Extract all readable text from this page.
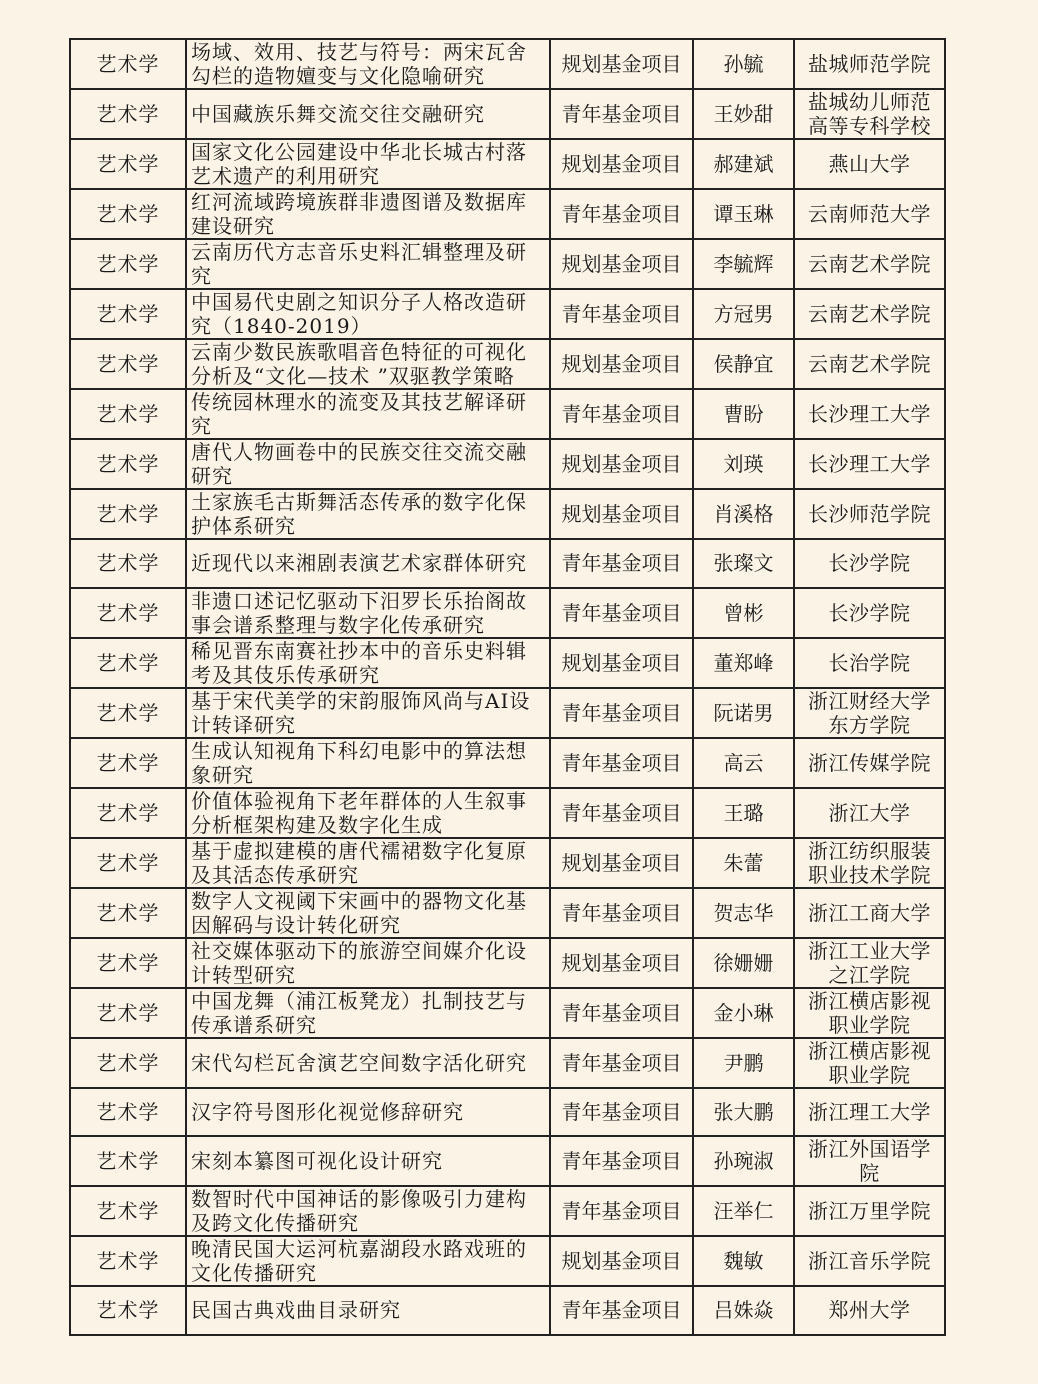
艺术学	场域、效用、技艺与符号：两宋瓦舍勾栏的造物嬗变与文化隐喻研究	规划基金项目	孙毓	盐城师范学院
艺术学	中国藏族乐舞交流交往交融研究	青年基金项目	王妙甜	盐城幼儿师范高等专科学校
艺术学	国家文化公园建设中华北长城古村落艺术遗产的利用研究	规划基金项目	郝建斌	燕山大学
艺术学	红河流域跨境族群非遗图谱及数据库建设研究	青年基金项目	谭玉琳	云南师范大学
艺术学	云南历代方志音乐史料汇辑整理及研究	规划基金项目	李毓辉	云南艺术学院
艺术学	中国易代史剧之知识分子人格改造研究（1840-2019）	青年基金项目	方冠男	云南艺术学院
艺术学	云南少数民族歌唱音色特征的可视化分析及“文化—技术 ”双驱教学策略	规划基金项目	侯静宜	云南艺术学院
艺术学	传统园林理水的流变及其技艺解译研究	青年基金项目	曹盼	长沙理工大学
艺术学	唐代人物画卷中的民族交往交流交融研究	规划基金项目	刘瑛	长沙理工大学
艺术学	土家族毛古斯舞活态传承的数字化保护体系研究	规划基金项目	肖溪格	长沙师范学院
艺术学	近现代以来湘剧表演艺术家群体研究	青年基金项目	张璨文	长沙学院
艺术学	非遗口述记忆驱动下汨罗长乐抬阁故事会谱系整理与数字化传承研究	青年基金项目	曾彬	长沙学院
艺术学	稀见晋东南赛社抄本中的音乐史料辑考及其伎乐传承研究	规划基金项目	董郑峰	长治学院
艺术学	基于宋代美学的宋韵服饰风尚与AI设计转译研究	青年基金项目	阮诺男	浙江财经大学东方学院
艺术学	生成认知视角下科幻电影中的算法想象研究	青年基金项目	高云	浙江传媒学院
艺术学	价值体验视角下老年群体的人生叙事分析框架构建及数字化生成	青年基金项目	王璐	浙江大学
艺术学	基于虚拟建模的唐代襦裙数字化复原及其活态传承研究	规划基金项目	朱蕾	浙江纺织服装职业技术学院
艺术学	数字人文视阈下宋画中的器物文化基因解码与设计转化研究	青年基金项目	贺志华	浙江工商大学
艺术学	社交媒体驱动下的旅游空间媒介化设计转型研究	规划基金项目	徐姗姗	浙江工业大学之江学院
艺术学	中国龙舞（浦江板凳龙）扎制技艺与传承谱系研究	青年基金项目	金小琳	浙江横店影视职业学院
艺术学	宋代勾栏瓦舍演艺空间数字活化研究	青年基金项目	尹鹏	浙江横店影视职业学院
艺术学	汉字符号图形化视觉修辞研究	青年基金项目	张大鹏	浙江理工大学
艺术学	宋刻本纂图可视化设计研究	青年基金项目	孙琬淑	浙江外国语学院
艺术学	数智时代中国神话的影像吸引力建构及跨文化传播研究	青年基金项目	汪举仁	浙江万里学院
艺术学	晚清民国大运河杭嘉湖段水路戏班的文化传播研究	规划基金项目	魏敏	浙江音乐学院
艺术学	民国古典戏曲目录研究	青年基金项目	吕姝焱	郑州大学
